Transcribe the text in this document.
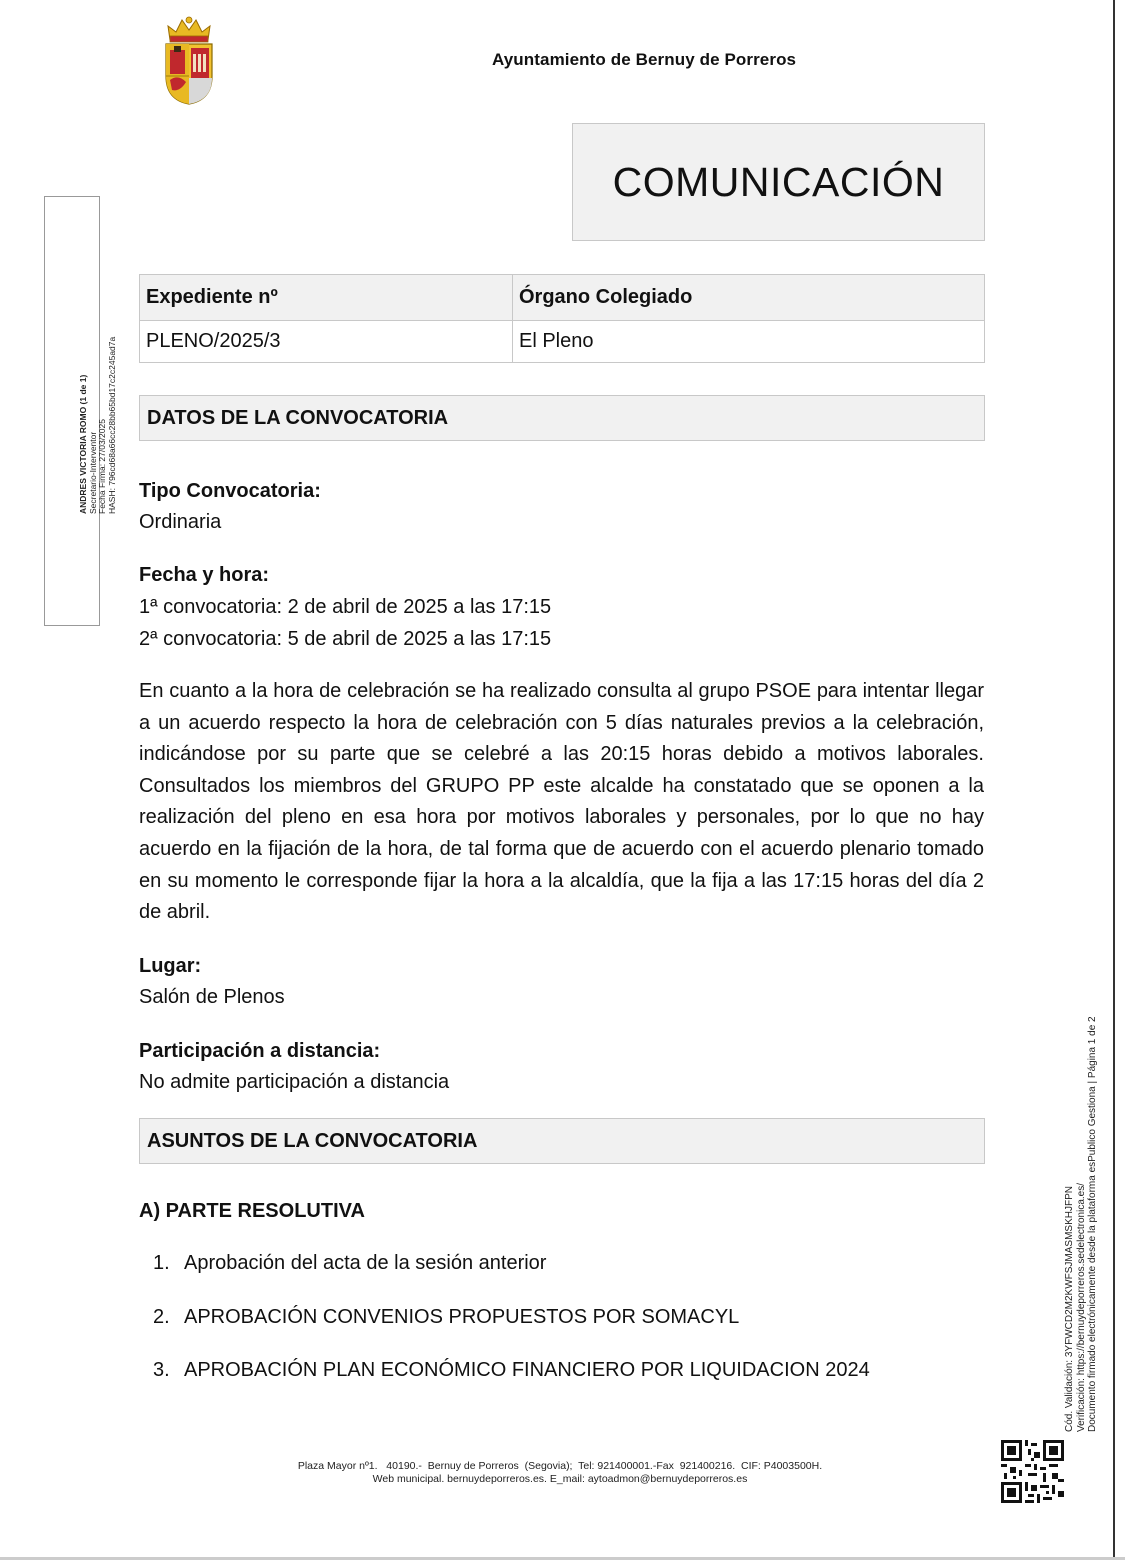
Ayuntamiento de Bernuy de Porreros
COMUNICACIÓN
ANDRES VICTORIA ROMO (1 de 1) Secretario-Interventor Fecha Firma: 27/03/2025 HASH: 796cd68a66cc28bb65bd17c2c245ad7a
Expediente nº	Órgano Colegiado
PLENO/2025/3	El Pleno
DATOS DE LA CONVOCATORIA
Tipo Convocatoria:
Ordinaria
Fecha y hora:
1ª convocatoria: 2 de abril de 2025 a las 17:15
2ª convocatoria: 5 de abril de 2025 a las 17:15
En cuanto a la hora de celebración se ha realizado consulta al grupo PSOE para intentar llegar a un acuerdo respecto la hora de celebración con 5 días naturales previos a la celebración, indicándose por su parte que se celebré a las 20:15 horas debido a motivos laborales. Consultados los miembros del GRUPO PP este alcalde ha constatado que se oponen a la realización del pleno en esa hora por motivos laborales y personales, por lo que no hay acuerdo en la fijación de la hora, de tal forma que de acuerdo con el acuerdo plenario tomado en su momento le corresponde fijar la hora a la alcaldía, que la fija a las 17:15 horas del día 2 de abril.
Lugar:
Salón de Plenos
Participación a distancia:
No admite participación a distancia
ASUNTOS DE LA CONVOCATORIA
A) PARTE RESOLUTIVA
1. Aprobación del acta de la sesión anterior
2. APROBACIÓN CONVENIOS PROPUESTOS POR SOMACYL
3. APROBACIÓN PLAN ECONÓMICO FINANCIERO POR LIQUIDACION 2024
Plaza Mayor nº1.   40190.-  Bernuy de Porreros  (Segovia);  Tel: 921400001.-Fax  921400216.  CIF: P4003500H.
Web municipal. bernuydeporreros.es. E_mail: aytoadmon@bernuydeporreros.es
Cód. Validación: 3YFWCD2M2KWFSJMASMSKHJFPN Verificación: https://bernuydeporreros.sedelectronica.es/ Documento firmado electrónicamente desde la plataforma esPublico Gestiona | Página 1 de 2
